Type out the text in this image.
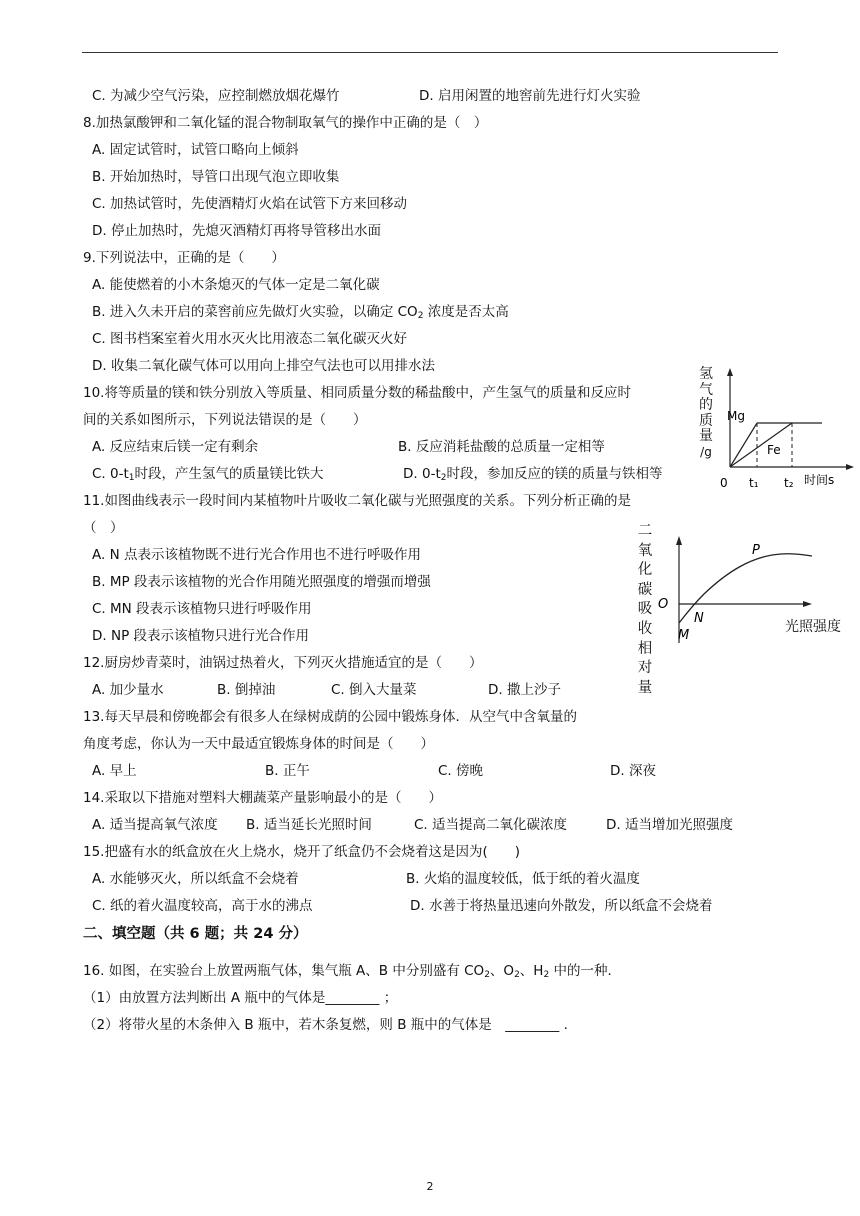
C. 为减少空气污染，应控制燃放烟花爆竹	D. 启用闲置的地窖前先进行灯火实验
8.加热氯酸钾和二氧化锰的混合物制取氧气的操作中正确的是（　）
A. 固定试管时，试管口略向上倾斜
B. 开始加热时，导管口出现气泡立即收集
C. 加热试管时，先使酒精灯火焰在试管下方来回移动
D. 停止加热时，先熄灭酒精灯再将导管移出水面
9.下列说法中，正确的是（　　）
A. 能使燃着的小木条熄灭的气体一定是二氧化碳
B. 进入久未开启的菜窖前应先做灯火实验，以确定 $CO_2$ 浓度是否太高
C. 图书档案室着火用水灭火比用液态二氧化碳灭火好
D. 收集二氧化碳气体可以用向上排空气法也可以用排水法
10.将等质量的镁和铁分别放入等质量、相同质量分数的稀盐酸中，产生氢气的质量和反应时
间的关系如图所示，下列说法错误的是（　　）
A. 反应结束后镁一定有剩余	B. 反应消耗盐酸的总质量一定相等
C. $0-t_1$时段，产生氢气的质量镁比铁大	D. $0-t_2$时段，参加反应的镁的质量与铁相等
11.如图曲线表示一段时间内某植物叶片吸收二氧化碳与光照强度的关系。下列分析正确的是
（　）
A. N 点表示该植物既不进行光合作用也不进行呼吸作用
B. MP 段表示该植物的光合作用随光照强度的增强而增强
C. MN 段表示该植物只进行呼吸作用
D. NP 段表示该植物只进行光合作用
12.厨房炒青菜时，油锅过热着火，下列灭火措施适宜的是（　　）
A. 加少量水	B. 倒掉油	C. 倒入大量菜	D. 撒上沙子
13.每天早晨和傍晚都会有很多人在绿树成荫的公园中锻炼身体．从空气中含氧量的
角度考虑，你认为一天中最适宜锻炼身体的时间是（　　）
A. 早上	B. 正午	C. 傍晚	D. 深夜
14.采取以下措施对塑料大棚蔬菜产量影响最小的是（　　）
A. 适当提高氧气浓度 B. 适当延长光照时间	C. 适当提高二氧化碳浓度	D. 适当增加光照强度
15.把盛有水的纸盒放在火上烧水，烧开了纸盒仍不会烧着这是因为(　　)
A. 水能够灭火，所以纸盒不会烧着	B. 火焰的温度较低，低于纸的着火温度
C. 纸的着火温度较高，高于水的沸点	D. 水善于将热量迅速向外散发，所以纸盒不会烧着
二、填空题（共 6 题；共 24 分）
16. 如图，在实验台上放置两瓶气体，集气瓶 A、B 中分别盛有 $CO_2$、$O_2$、$H_2$ 中的一种．
（1）由放置方法判断出 A 瓶中的气体是________ ；
（2）将带火星的木条伸入 B 瓶中，若木条复燃，则 B 瓶中的气体是　________ .
氢
气
的
质
量
/g
Mg
Fe
0 t₁ t₂ 时间s
二
氧
化
碳
吸
收
相
对
量
O
P
N
M
光照强度
2
